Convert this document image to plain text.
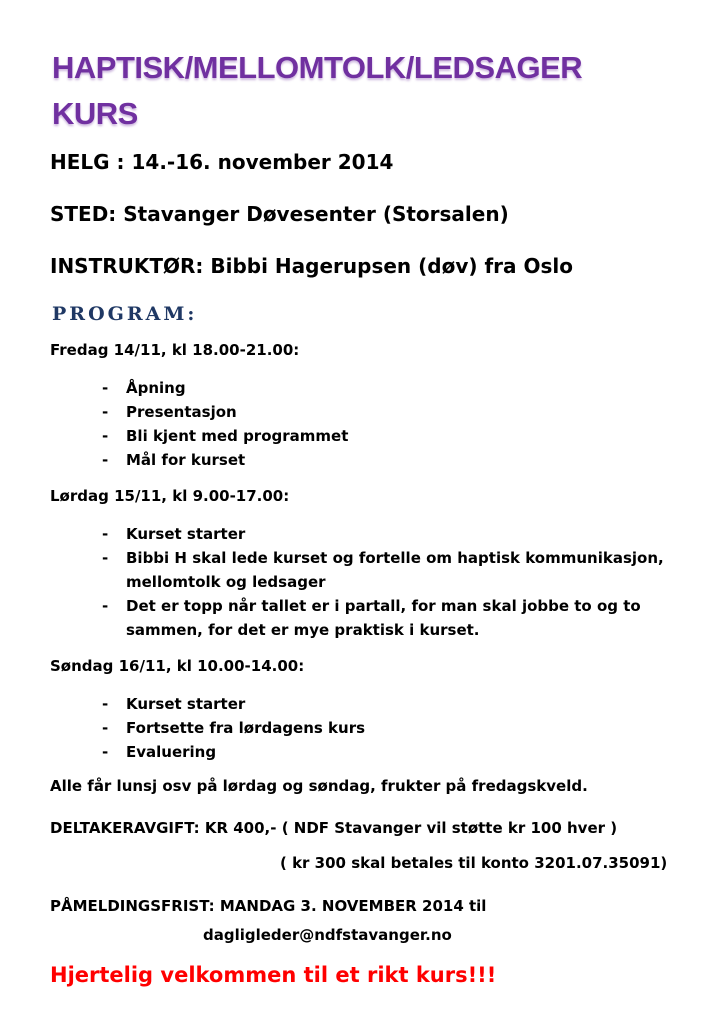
HAPTISK/MELLOMTOLK/LEDSAGER
KURS
HELG : 14.-16. november 2014
STED: Stavanger Døvesenter (Storsalen)
INSTRUKTØR: Bibbi Hagerupsen (døv) fra Oslo
PROGRAM:
Fredag 14/11, kl 18.00-21.00:
- Åpning
- Presentasjon
- Bli kjent med programmet
- Mål for kurset
Lørdag 15/11, kl 9.00-17.00:
- Kurset starter
- Bibbi H skal lede kurset og fortelle om haptisk kommunikasjon,
mellomtolk og ledsager
- Det er topp når tallet er i partall, for man skal jobbe to og to
sammen, for det er mye praktisk i kurset.
Søndag 16/11, kl 10.00-14.00:
- Kurset starter
- Fortsette fra lørdagens kurs
- Evaluering
Alle får lunsj osv på lørdag og søndag, frukter på fredagskveld.
DELTAKERAVGIFT: KR 400,- ( NDF Stavanger vil støtte kr 100 hver )
( kr 300 skal betales til konto 3201.07.35091)
PÅMELDINGSFRIST: MANDAG 3. NOVEMBER 2014 til
dagligleder@ndfstavanger.no
Hjertelig velkommen til et rikt kurs!!!
